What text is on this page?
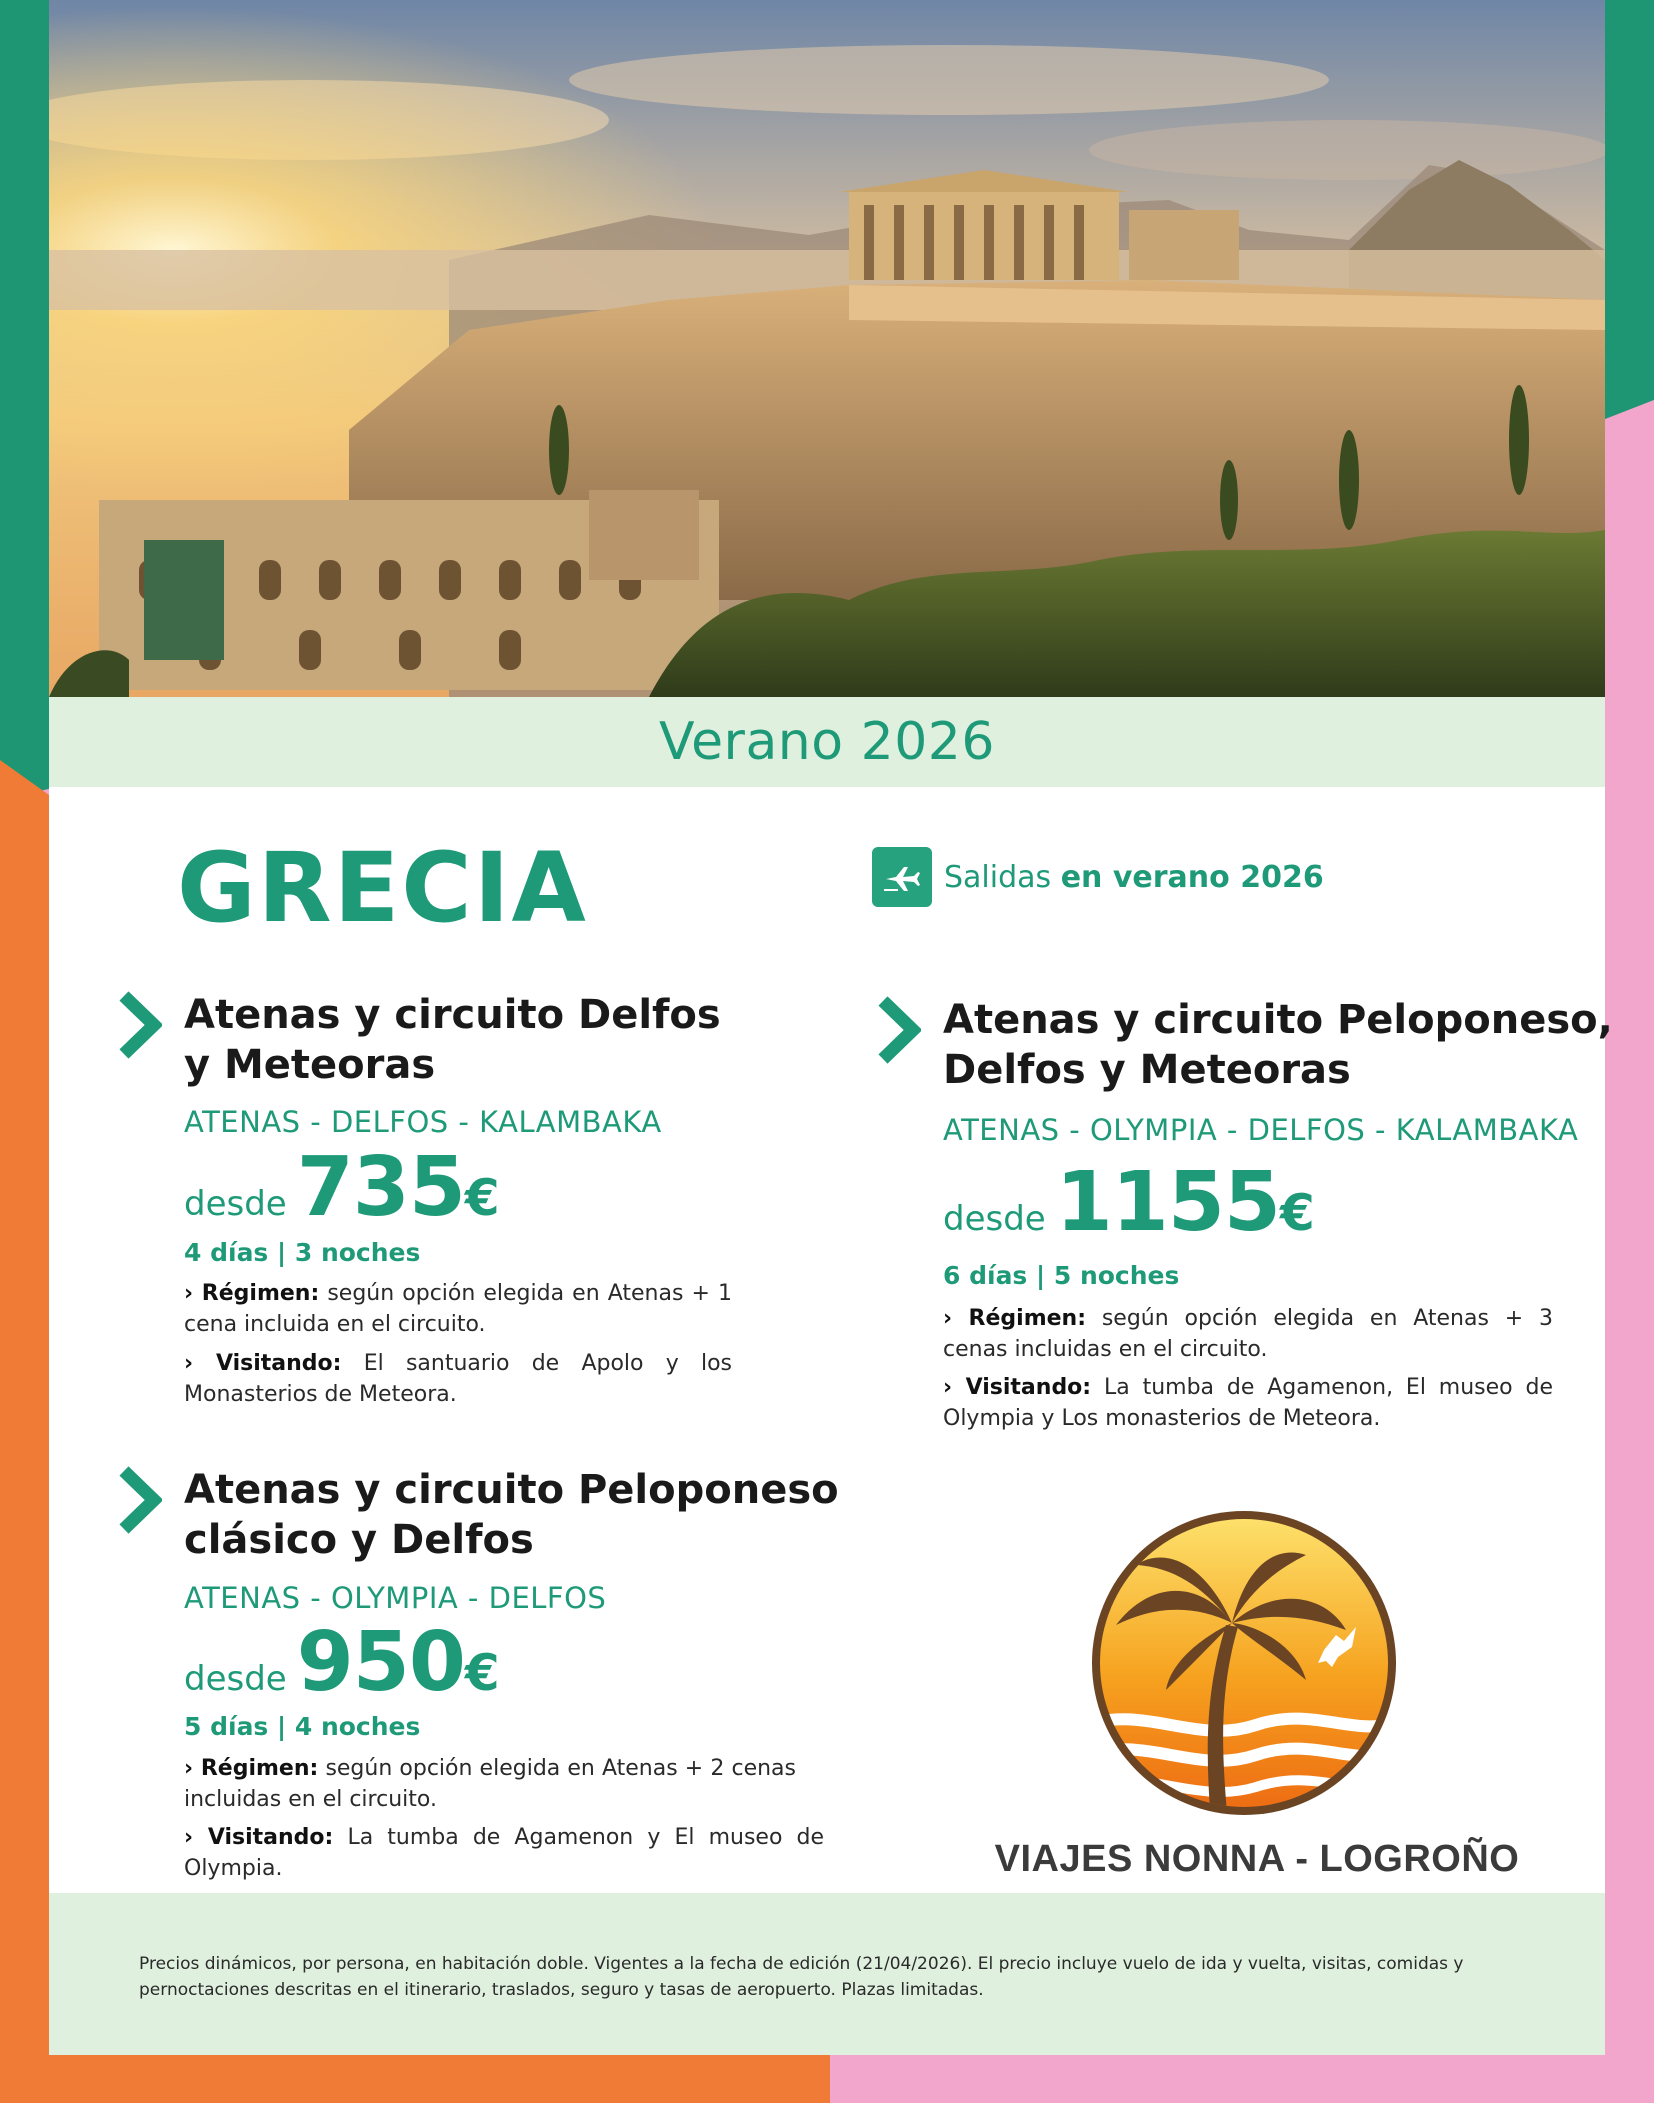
Verano 2026
GRECIA	Salidas en verano 2026
Atenas y circuito Delfos
y Meteoras
ATENAS - DELFOS - KALAMBAKA
desde 735 €
4 días | 3 noches
› Régimen: según opción elegida en Atenas + 1 cena incluida en el circuito.
› Visitando: El santuario de Apolo y los Monasterios de Meteora.
Atenas y circuito Peloponeso,
Delfos y Meteoras
ATENAS - OLYMPIA - DELFOS - KALAMBAKA
desde 1155 €
6 días | 5 noches
› Régimen: según opción elegida en Atenas + 3 cenas incluidas en el circuito.
› Visitando: La tumba de Agamenon, El museo de Olympia y Los monasterios de Meteora.
Atenas y circuito Peloponeso
clásico y Delfos
ATENAS - OLYMPIA - DELFOS
desde 950 €
5 días | 4 noches
› Régimen: según opción elegida en Atenas + 2 cenas incluidas en el circuito.
› Visitando: La tumba de Agamenon y El museo de Olympia.	VIAJES NONNA - LOGROÑO

Precios dinámicos, por persona, en habitación doble. Vigentes a la fecha de edición (21/04/2026). El precio incluye vuelo de ida y vuelta, visitas, comidas y pernoctaciones descritas en el itinerario, traslados, seguro y tasas de aeropuerto. Plazas limitadas.
